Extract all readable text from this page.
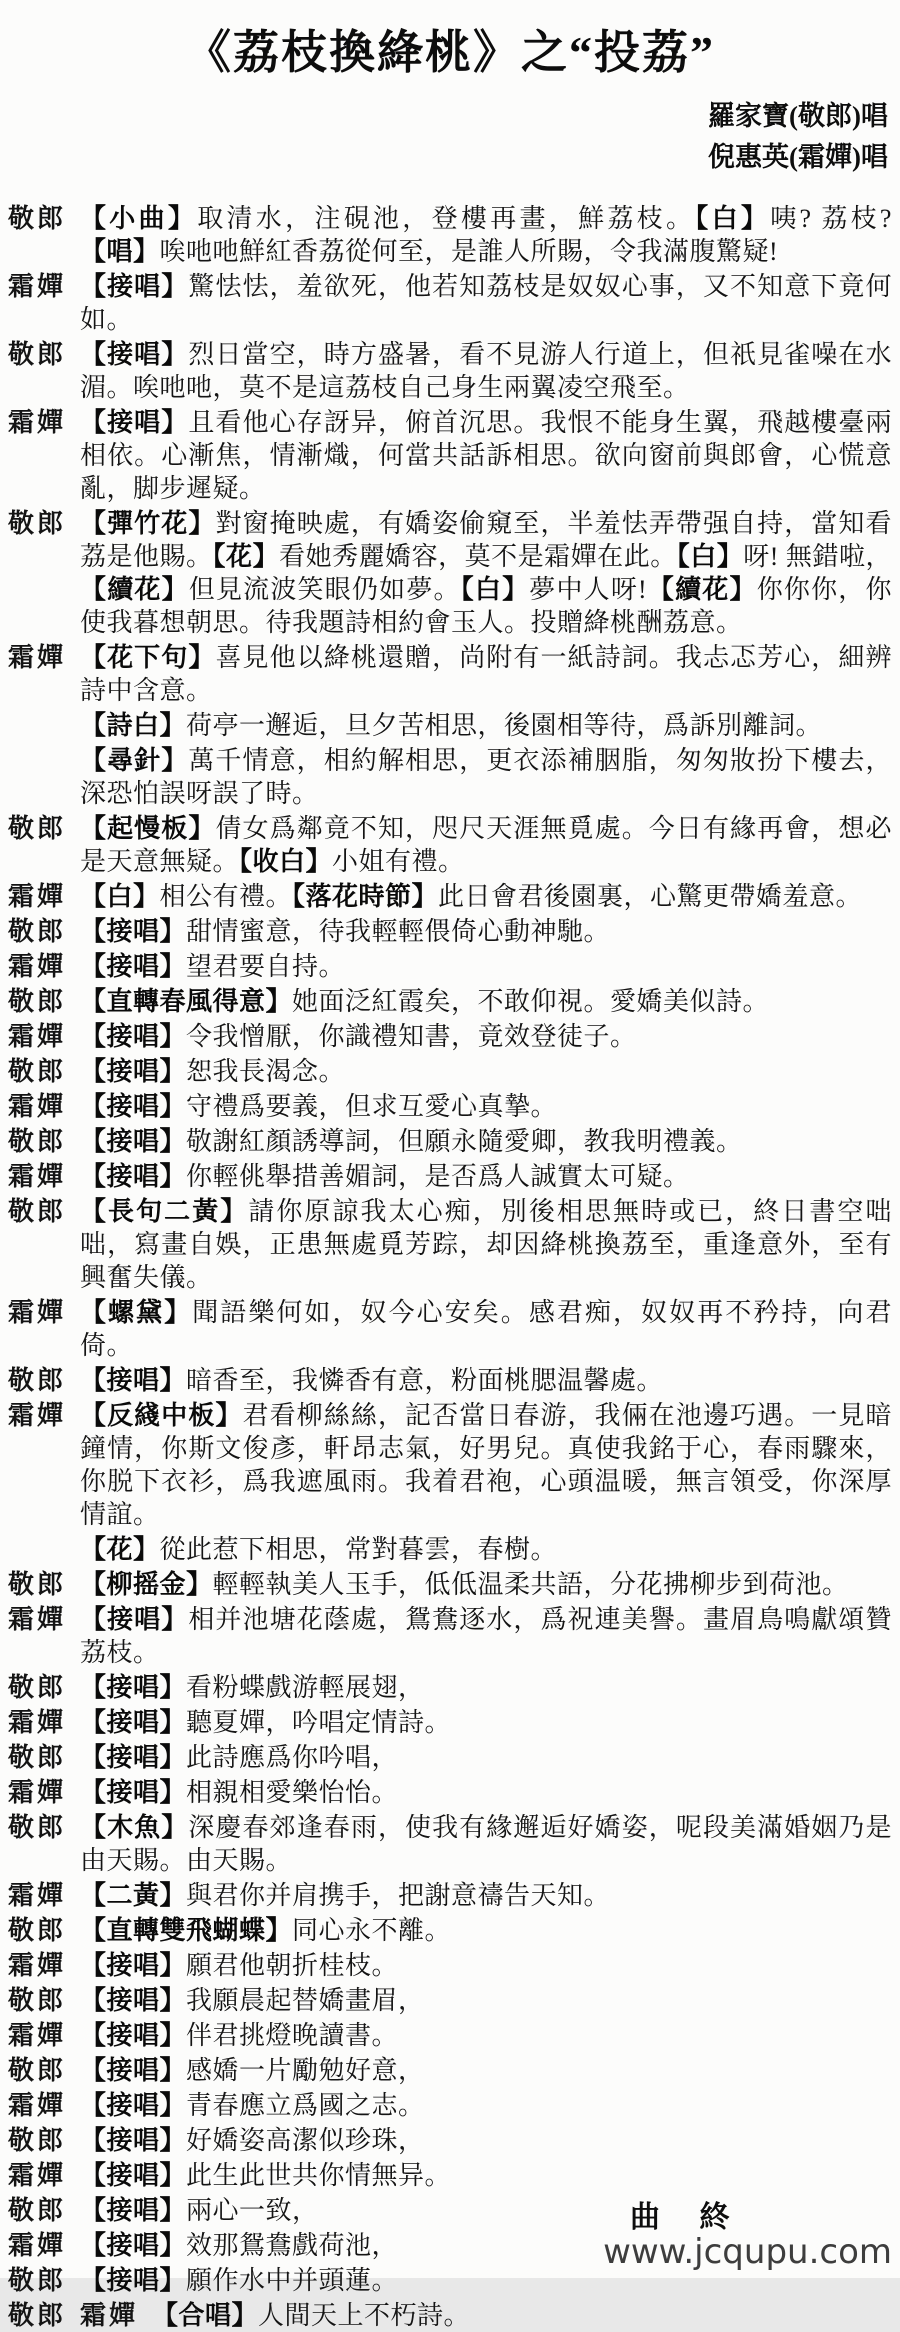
《荔枝換絳桃》之“投荔”
羅家寶(敬郎)唱
倪惠英(霜嬋)唱
敬郎 【小曲】取清水，注硯池，登樓再畫，鮮荔枝。【白】咦? 荔枝?【唱】唉吔吔鮮紅香荔從何至，是誰人所賜，令我滿腹驚疑!
霜嬋 【接唱】驚怯怯，羞欲死，他若知荔枝是奴奴心事，又不知意下竟何如。
敬郎 【接唱】烈日當空，時方盛暑，看不見游人行道上，但祇見雀噪在水湄。唉吔吔，莫不是這荔枝自己身生兩翼凌空飛至。
霜嬋 【接唱】且看他心存訝异，俯首沉思。我恨不能身生翼，飛越樓臺兩相依。心漸焦，情漸熾，何當共話訴相思。欲向窗前與郎會，心慌意亂，脚步遲疑。
敬郎 【彈竹花】對窗掩映處，有嬌姿偷窺至，半羞怯弄帶强自持，當知看荔是他賜。【花】看她秀麗嬌容，莫不是霜嬋在此。【白】呀! 無錯啦，【續花】但見流波笑眼仍如夢。【白】夢中人呀!【續花】你你你，你使我暮想朝思。待我題詩相約會玉人。投贈絳桃酬荔意。
霜嬋 【花下句】喜見他以絳桃還贈，尚附有一紙詩詞。我忐忑芳心，細辨詩中含意。
【詩白】荷亭一邂逅，旦夕苦相思，後園相等待，爲訴別離詞。
【尋針】萬千情意，相約解相思，更衣添補胭脂，匆匆妝扮下樓去，深恐怕誤呀誤了時。
敬郎 【起慢板】倩女爲鄰竟不知，咫尺天涯無覓處。今日有緣再會，想必是天意無疑。【收白】小姐有禮。
霜嬋 【白】相公有禮。【落花時節】此日會君後園裏，心驚更帶嬌羞意。
敬郎 【接唱】甜情蜜意，待我輕輕偎倚心動神馳。
霜嬋 【接唱】望君要自持。
敬郎 【直轉春風得意】她面泛紅霞矣，不敢仰視。愛嬌美似詩。
霜嬋 【接唱】令我憎厭，你識禮知書，竟效登徒子。
敬郎 【接唱】恕我長渴念。
霜嬋 【接唱】守禮爲要義，但求互愛心真摯。
敬郎 【接唱】敬謝紅顏誘導詞，但願永隨愛卿，教我明禮義。
霜嬋 【接唱】你輕佻舉措善媚詞，是否爲人誠實太可疑。
敬郎 【長句二黃】請你原諒我太心痴，別後相思無時或已，終日書空咄咄，寫畫自娛，正患無處覓芳踪，却因絳桃換荔至，重逢意外，至有興奮失儀。
霜嬋 【螺黛】聞語樂何如，奴今心安矣。感君痴，奴奴再不矜持，向君倚。
敬郎 【接唱】暗香至，我憐香有意，粉面桃腮温馨處。
霜嬋 【反綫中板】君看柳絲絲，記否當日春游，我倆在池邊巧遇。一見暗鐘情，你斯文俊彥，軒昂志氣，好男兒。真使我銘于心，春雨驟來，你脱下衣衫，爲我遮風雨。我着君袍，心頭温暖，無言領受，你深厚情誼。
【花】從此惹下相思，常對暮雲，春樹。
敬郎 【柳摇金】輕輕執美人玉手，低低温柔共語，分花拂柳步到荷池。
霜嬋 【接唱】相并池塘花蔭處，鴛鴦逐水，爲祝連美譽。畫眉鳥鳴獻頌贊荔枝。
敬郎 【接唱】看粉蝶戲游輕展翅，
霜嬋 【接唱】聽夏嬋，吟唱定情詩。
敬郎 【接唱】此詩應爲你吟唱，
霜嬋 【接唱】相親相愛樂怡怡。
敬郎 【木魚】深慶春郊逢春雨，使我有緣邂逅好嬌姿，呢段美滿婚姻乃是由天賜。由天賜。
霜嬋 【二黃】與君你并肩携手，把謝意禱告天知。
敬郎 【直轉雙飛蝴蝶】同心永不離。
霜嬋 【接唱】願君他朝折桂枝。
敬郎 【接唱】我願晨起替嬌畫眉，
霜嬋 【接唱】伴君挑燈晚讀書。
敬郎 【接唱】感嬌一片勵勉好意，
霜嬋 【接唱】青春應立爲國之志。
敬郎 【接唱】好嬌姿高潔似珍珠，
霜嬋 【接唱】此生此世共你情無异。
敬郎 【接唱】兩心一致，
霜嬋 【接唱】效那鴛鴦戲荷池，
敬郎 【接唱】願作水中并頭蓮。
敬郎 霜嬋 【合唱】人間天上不朽詩。
曲 終
www.jcqupu.com
